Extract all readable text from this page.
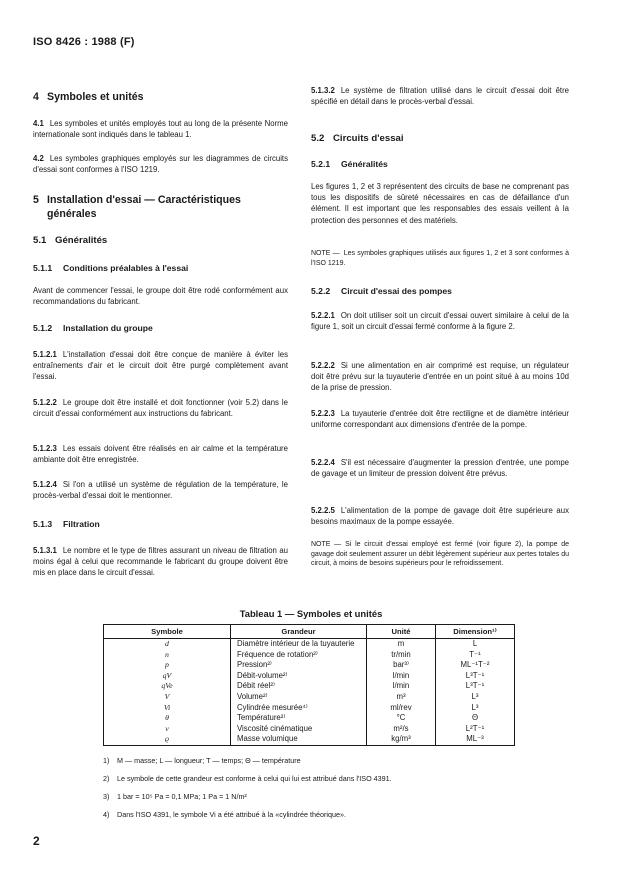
ISO 8426 : 1988 (F)
4 Symboles et unités
4.1 Les symboles et unités employés tout au long de la présente Norme internationale sont indiqués dans le tableau 1.
4.2 Les symboles graphiques employés sur les diagrammes de circuits d'essai sont conformes à l'ISO 1219.
5 Installation d'essai — Caractéristiques générales
5.1 Généralités
5.1.1	Conditions préalables à l'essai
Avant de commencer l'essai, le groupe doit être rodé conformément aux recommandations du fabricant.
5.1.2	Installation du groupe
5.1.2.1 L'installation d'essai doit être conçue de manière à éviter les entraînements d'air et le circuit doit être purgé complètement avant l'essai.
5.1.2.2 Le groupe doit être installé et doit fonctionner (voir 5.2) dans le circuit d'essai conformément aux instructions du fabricant.
5.1.2.3 Les essais doivent être réalisés en air calme et la température ambiante doit être enregistrée.
5.1.2.4 Si l'on a utilisé un système de régulation de la température, le procès-verbal d'essai doit le mentionner.
5.1.3	Filtration
5.1.3.1 Le nombre et le type de filtres assurant un niveau de filtration au moins égal à celui que recommande le fabricant du groupe doivent être mis en place dans le circuit d'essai.
5.1.3.2 Le système de filtration utilisé dans le circuit d'essai doit être spécifié en détail dans le procès-verbal d'essai.
5.2 Circuits d'essai
5.2.1	Généralités
Les figures 1, 2 et 3 représentent des circuits de base ne comprenant pas tous les dispositifs de sûreté nécessaires en cas de défaillance d'un élément. Il est important que les responsables des essais veillent à la protection des personnes et des matériels.
NOTE — Les symboles graphiques utilisés aux figures 1, 2 et 3 sont conformes à l'ISO 1219.
5.2.2	Circuit d'essai des pompes
5.2.2.1 On doit utiliser soit un circuit d'essai ouvert similaire à celui de la figure 1, soit un circuit d'essai fermé conforme à la figure 2.
5.2.2.2 Si une alimentation en air comprimé est requise, un régulateur doit être prévu sur la tuyauterie d'entrée en un point situé à au moins 10d de la prise de pression.
5.2.2.3 La tuyauterie d'entrée doit être rectiligne et de diamètre intérieur uniforme correspondant aux dimensions d'entrée de la pompe.
5.2.2.4 S'il est nécessaire d'augmenter la pression d'entrée, une pompe de gavage et un limiteur de pression doivent être prévus.
5.2.2.5 L'alimentation de la pompe de gavage doit être supérieure aux besoins maximaux de la pompe essayée.
NOTE — Si le circuit d'essai employé est fermé (voir figure 2), la pompe de gavage doit seulement assurer un débit légèrement supérieur aux pertes totales du circuit, à moins de besoins supérieurs pour le refroidissement.
Tableau 1 — Symboles et unités
Symbole	Grandeur	Unité	Dimension¹⁾
d	Diamètre intérieur de la tuyauterie	m	L
n	Fréquence de rotation²⁾	tr/min	T⁻¹
p	Pression²⁾	bar³⁾	ML⁻¹T⁻²
qV	Débit-volume²⁾	l/min	L³T⁻¹
qVe	Débit réel²⁾	l/min	L³T⁻¹
V	Volume²⁾	m³	L³
Vi	Cylindrée mesurée⁴⁾	ml/rev	L³
θ	Température²⁾	°C	Θ
ν	Viscosité cinématique	m²/s	L²T⁻¹
ϱ	Masse volumique	kg/m³	ML⁻³
1) M — masse; L — longueur; T — temps; Θ — température
2) Le symbole de cette grandeur est conforme à celui qui lui est attribué dans l'ISO 4391.
3) 1 bar = 10⁵ Pa = 0,1 MPa; 1 Pa = 1 N/m²
4) Dans l'ISO 4391, le symbole Vi a été attribué à la «cylindrée théorique».
2
